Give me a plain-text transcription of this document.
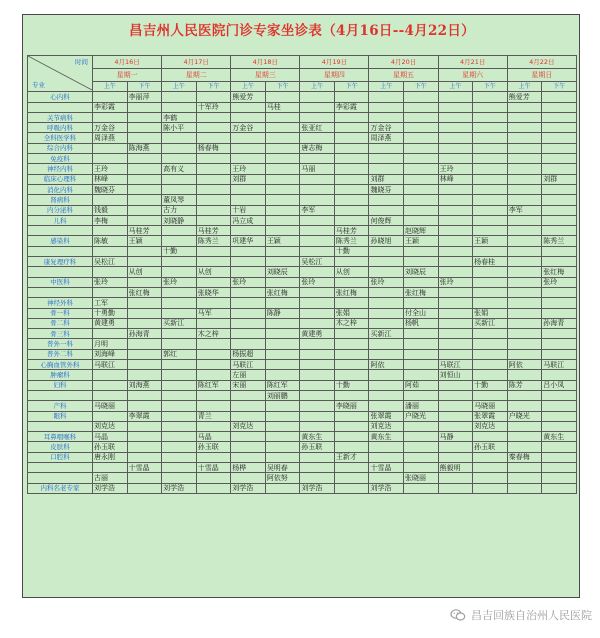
昌吉州人民医院门诊专家坐诊表（4月16日--4月22日）
时间
专业	4月16日		4月17日		4月18日		4月19日		4月20日		4月21日		4月22日	
	星期一		星期二		星期三		星期四		星期五		星期六		星期日	
	上午	下午	上午	下午	上午	下午	上午	下午	上午	下午	上午	下午	上午	下午
心内科		李丽萍			熊爱芳								熊爱芳	
	李彩霞			十军玲		马桂		李彩霞						
关节病科			李鹤											
呼吸内科	万金谷		陈小平		万金谷		张亚红		万金谷					
全科医学科	周泽燕								周泽燕					
综合内科		陈海燕		杨春梅			唐志梅							
免疫科														
神经内科	王玲		高有义		王玲		马丽				王玲			
临床心理科	林峰				刘群				刘群		林峰			刘群
消化内科	魏晓芬								魏晓芬					
肾病科			董凤琴											
内分泌科	钱毅		古力		十岩		李军						李军	
儿科	李梅		刘晓静		冯立成				何俊辉					
		马桂芳		马桂芳				马桂芳		赵晓辉				
感染科	陈敏	王颖		陈秀兰	巩建华	王颖		陈秀兰	孙晓旭	王颖		王颖		陈秀兰
			十勤					十勤						
康复理疗科	吴松江						吴松江					杨春桂		
		从创		从创		刘晓辰		从创		刘晓辰				张红梅
中医科	张玲		张玲		张玲		张玲		张玲		张玲			张玲
		张红梅		张晓华		张红梅		张红梅		张红梅				
神经外科	工军													
骨一科	十勇勤			马军		陈静		张娟		付全山		张娟		
骨二科	黄建勇		买新江					木之梓		杨帆		买新江		孙海青
骨三科		孙海青		木之梓			黄建勇		买新江					
普外一科	月明													
普外二科	刘海峰		郭红		杨振超									
心胸血管外科	马联江				马联江				阿依		马联江		阿依	马联江
肿瘤科					左丽						刘恒山			
妇科		刘海燕		陈红军	宋丽	陈红军		十勤		阿茹		十勤	陈芳	吕小凤
						刘丽鹏								
产科	马晓丽							李晓丽		潘丽		马晓丽		
眼科		李翠霞		青兰					张翠霞	户晓光		张翠霞	户晓光	
	刘克达				刘克达				刘克达			刘克达		
耳鼻咽喉科	马晶			马晶			黄东生		黄东生		马静			黄东生
皮肤科	孙玉联			孙玉联			孙玉联					孙玉联		
口腔科	唐永刚							王新才					秦春梅	
		十雪晶		十雪晶	杨桦	吴明春			十雪晶		熊毅明			
	古丽					阿依努				张晓丽				
内科名老专家	刘学浩		刘学浩		刘学浩		刘学浩		刘学浩					
昌吉回族自治州人民医院
